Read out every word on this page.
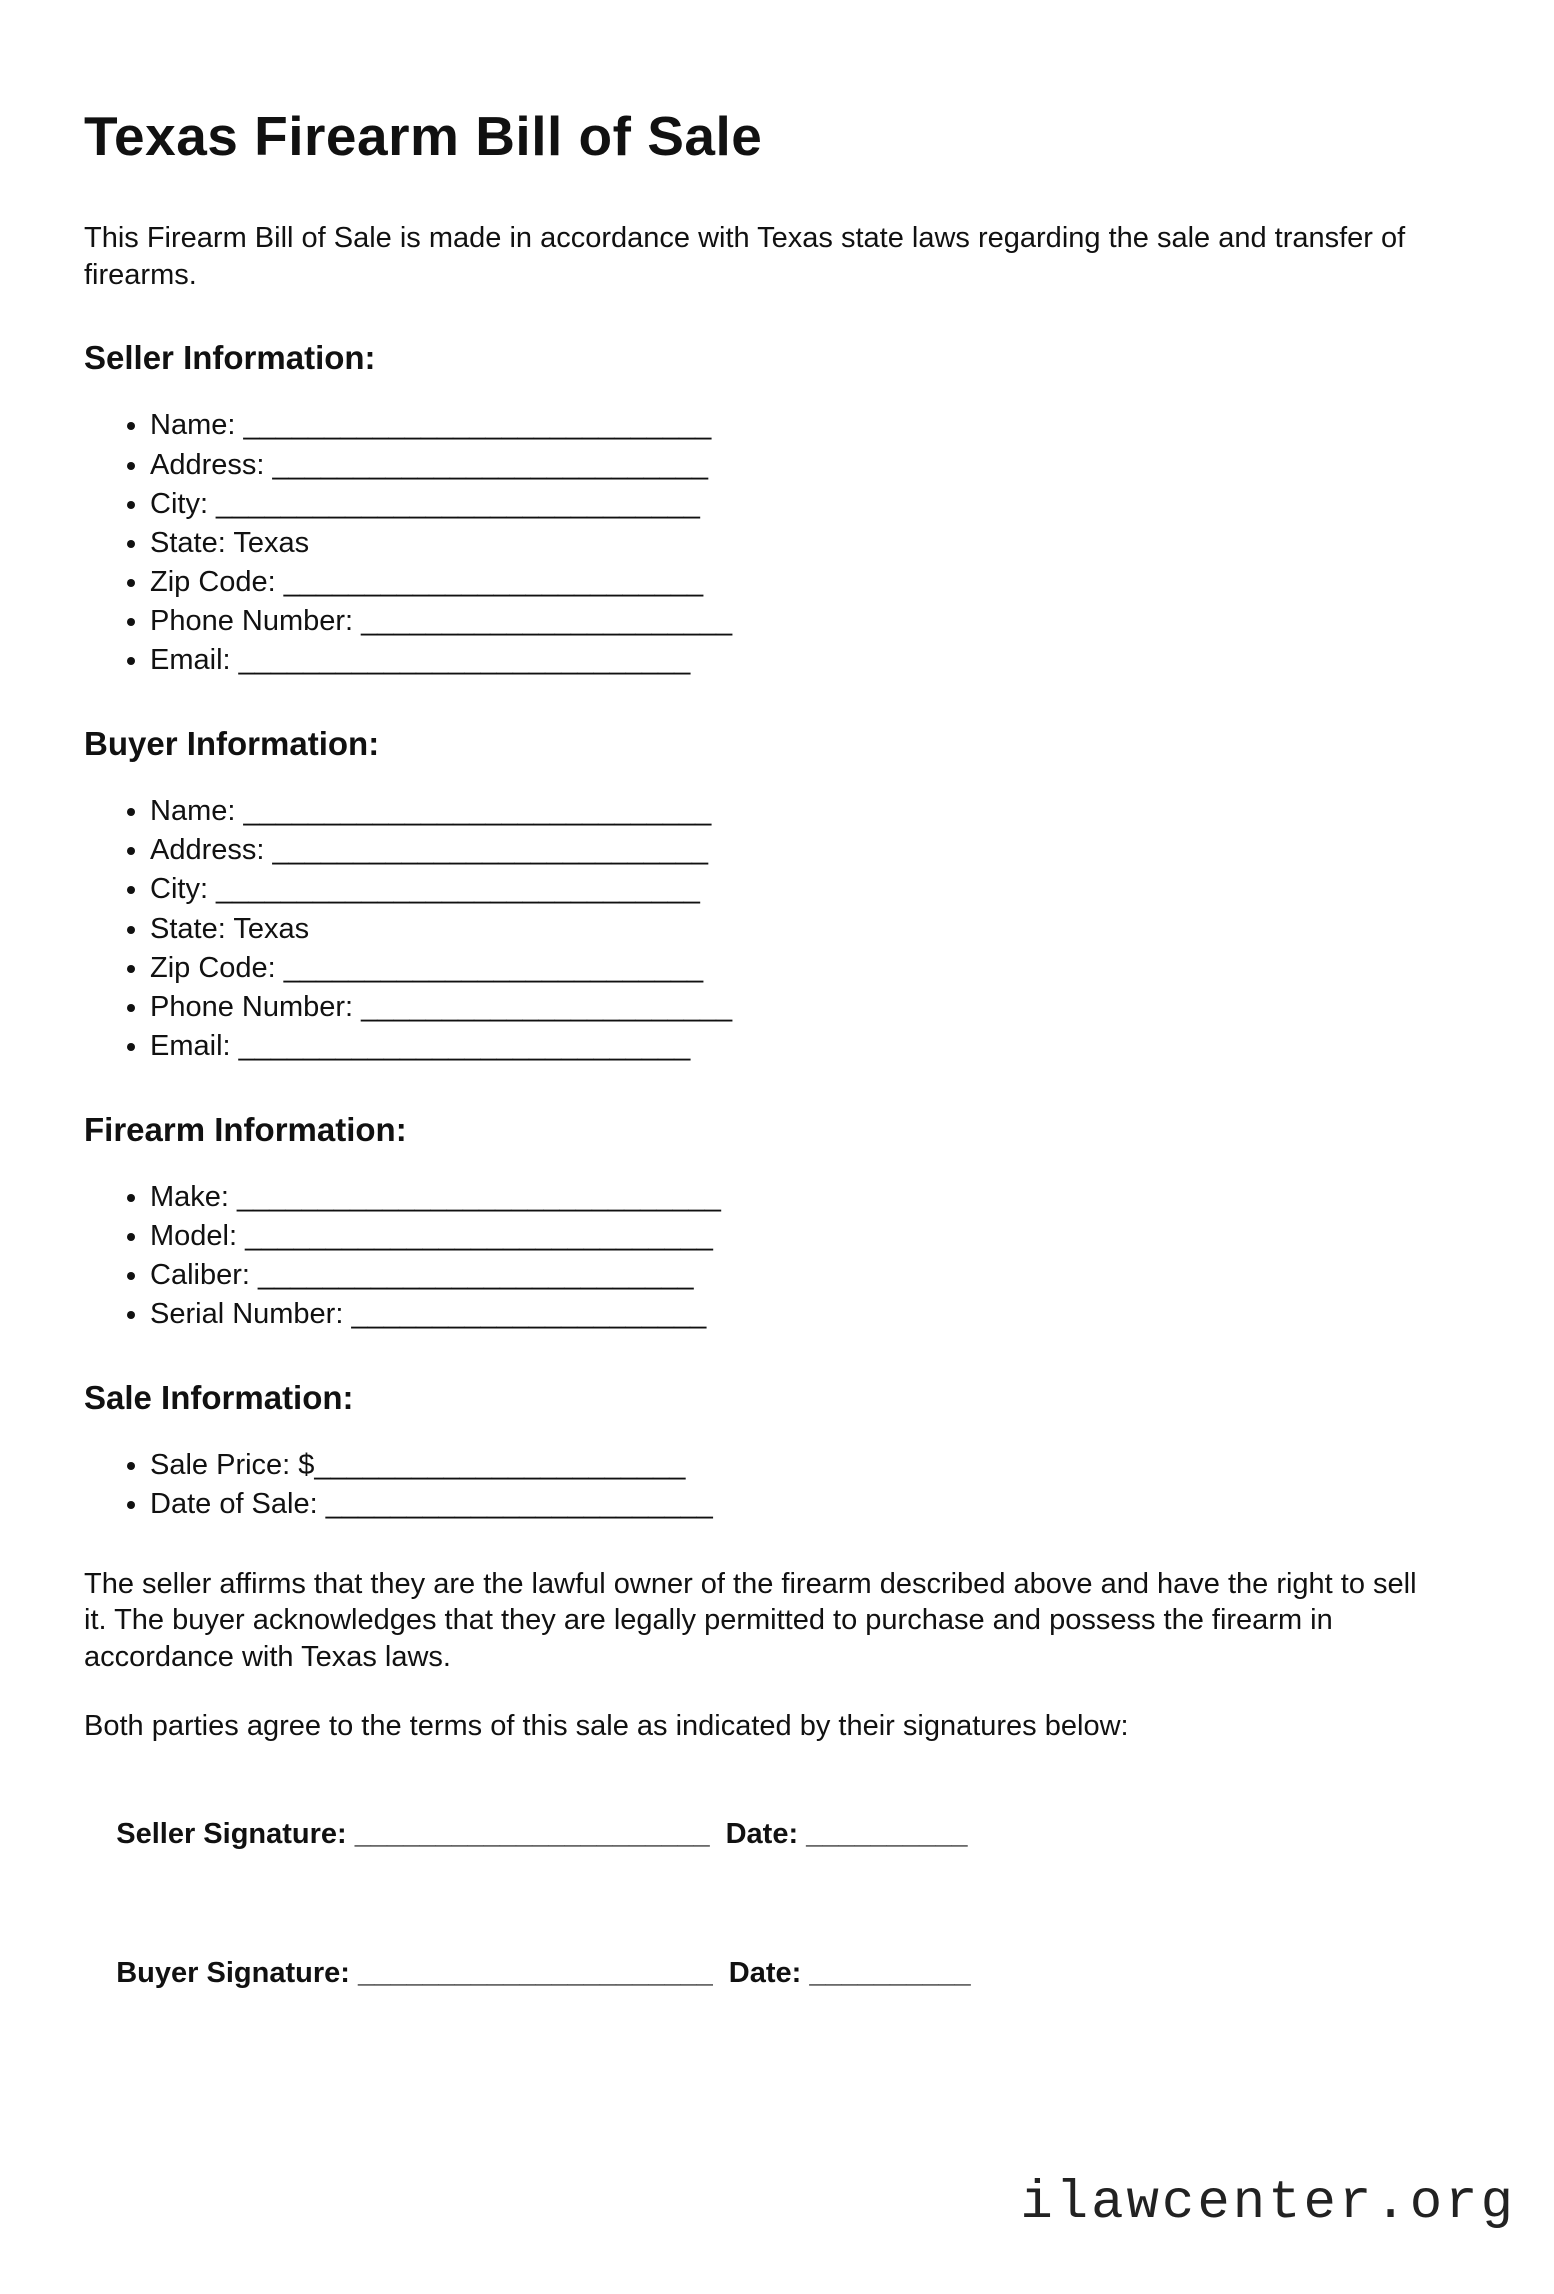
Texas Firearm Bill of Sale

This Firearm Bill of Sale is made in accordance with Texas state laws regarding the sale and transfer of firearms.

Seller Information:
• Name: _____________________________
• Address: ___________________________
• City: ______________________________
• State: Texas
• Zip Code: __________________________
• Phone Number: _______________________
• Email: ____________________________
Buyer Information:
• Name: _____________________________
• Address: ___________________________
• City: ______________________________
• State: Texas
• Zip Code: __________________________
• Phone Number: _______________________
• Email: ____________________________
Firearm Information:
• Make: ______________________________
• Model: _____________________________
• Caliber: ___________________________
• Serial Number: ______________________
Sale Information:
• Sale Price: $_______________________
• Date of Sale: ________________________

The seller affirms that they are the lawful owner of the firearm described above and have the right to sell it. The buyer acknowledges that they are legally permitted to purchase and possess the firearm in accordance with Texas laws.

Both parties agree to the terms of this sale as indicated by their signatures below:

Seller Signature: ______________________ Date: __________

Buyer Signature: ______________________ Date: __________

ilawcenter.org
